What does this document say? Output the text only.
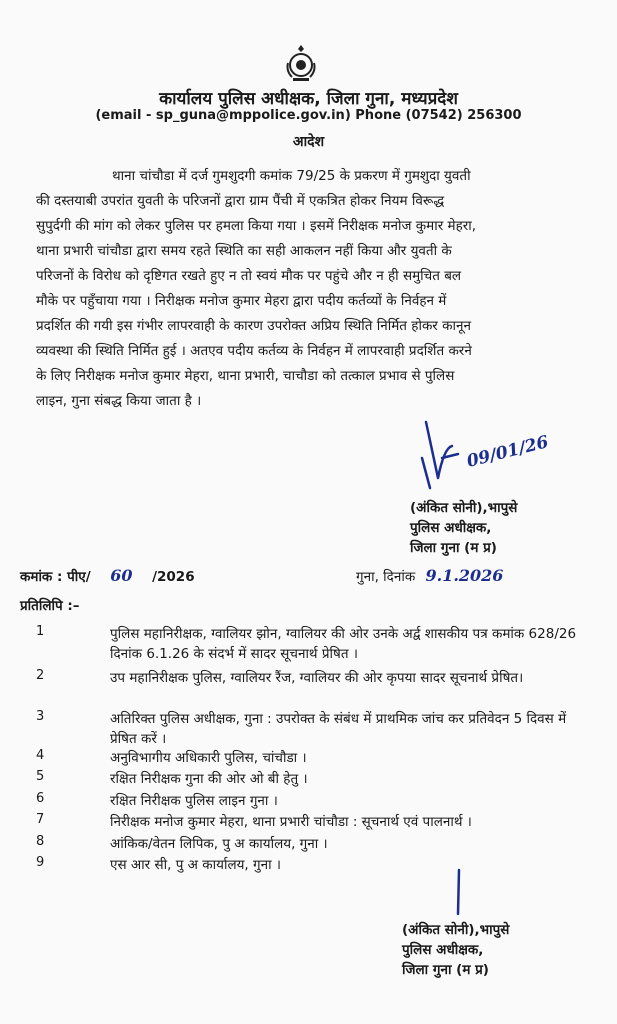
कार्यालय पुलिस अधीक्षक, जिला गुना, मध्यप्रदेश
(email - sp_guna@mppolice.gov.in) Phone (07542) 256300
आदेश
थाना चांचौडा में दर्ज गुमशुदगी कमांक 79/25 के प्रकरण में गुमशुदा युवती
की दस्तयाबी उपरांत युवती के परिजनों द्वारा ग्राम पैंची में एकत्रित होकर नियम विरूद्ध
सुपुर्दगी की मांग को लेकर पुलिस पर हमला किया गया । इसमें निरीक्षक मनोज कुमार मेहरा,
थाना प्रभारी चांचौडा द्वारा समय रहते स्थिति का सही आकलन नहीं किया और युवती के
परिजनों के विरोध को दृष्टिगत रखते हुए न तो स्वयं मौक पर पहुंचे और न ही समुचित बल
मौके पर पहुँचाया गया । निरीक्षक मनोज कुमार मेहरा द्वारा पदीय कर्तव्यों के निर्वहन में
प्रदर्शित की गयी इस गंभीर लापरवाही के कारण उपरोक्त अप्रिय स्थिति निर्मित होकर कानून
व्यवस्था की स्थिति निर्मित हुई । अतएव पदीय कर्तव्य के निर्वहन में लापरवाही प्रदर्शित करने
के लिए निरीक्षक मनोज कुमार मेहरा, थाना प्रभारी, चाचौडा को तत्काल प्रभाव से पुलिस
लाइन, गुना संबद्ध किया जाता है ।
09/01/26
(अंकित सोनी),भापुसे
पुलिस अधीक्षक,
जिला गुना (म प्र)
कमांक : पीए/ 60 /2026	गुना, दिनांक 9.1.2026
प्रतिलिपि :–
1	पुलिस महानिरीक्षक, ग्वालियर झोन, ग्वालियर की ओर उनके अर्द्व शासकीय पत्र कमांक 628/26 दिनांक 6.1.26 के संदर्भ में सादर सूचनार्थ प्रेषित ।
2	उप महानिरीक्षक पुलिस, ग्वालियर रैंज, ग्वालियर की ओर कृपया सादर सूचनार्थ प्रेषित।
3	अतिरिक्त पुलिस अधीक्षक, गुना : उपरोक्त के संबंध में प्राथमिक जांच कर प्रतिवेदन 5 दिवस में प्रेषित करें ।
4	अनुविभागीय अधिकारी पुलिस, चांचौडा ।
5	रक्षित निरीक्षक गुना की ओर ओ बी हेतु ।
6	रक्षित निरीक्षक पुलिस लाइन गुना ।
7	निरीक्षक मनोज कुमार मेहरा, थाना प्रभारी चांचौडा : सूचनार्थ एवं पालनार्थ ।
8	आंकिक/वेतन लिपिक, पु अ कार्यालय, गुना ।
9	एस आर सी, पु अ कार्यालय, गुना ।
(अंकित सोनी),भापुसे
पुलिस अधीक्षक,
जिला गुना (म प्र)
